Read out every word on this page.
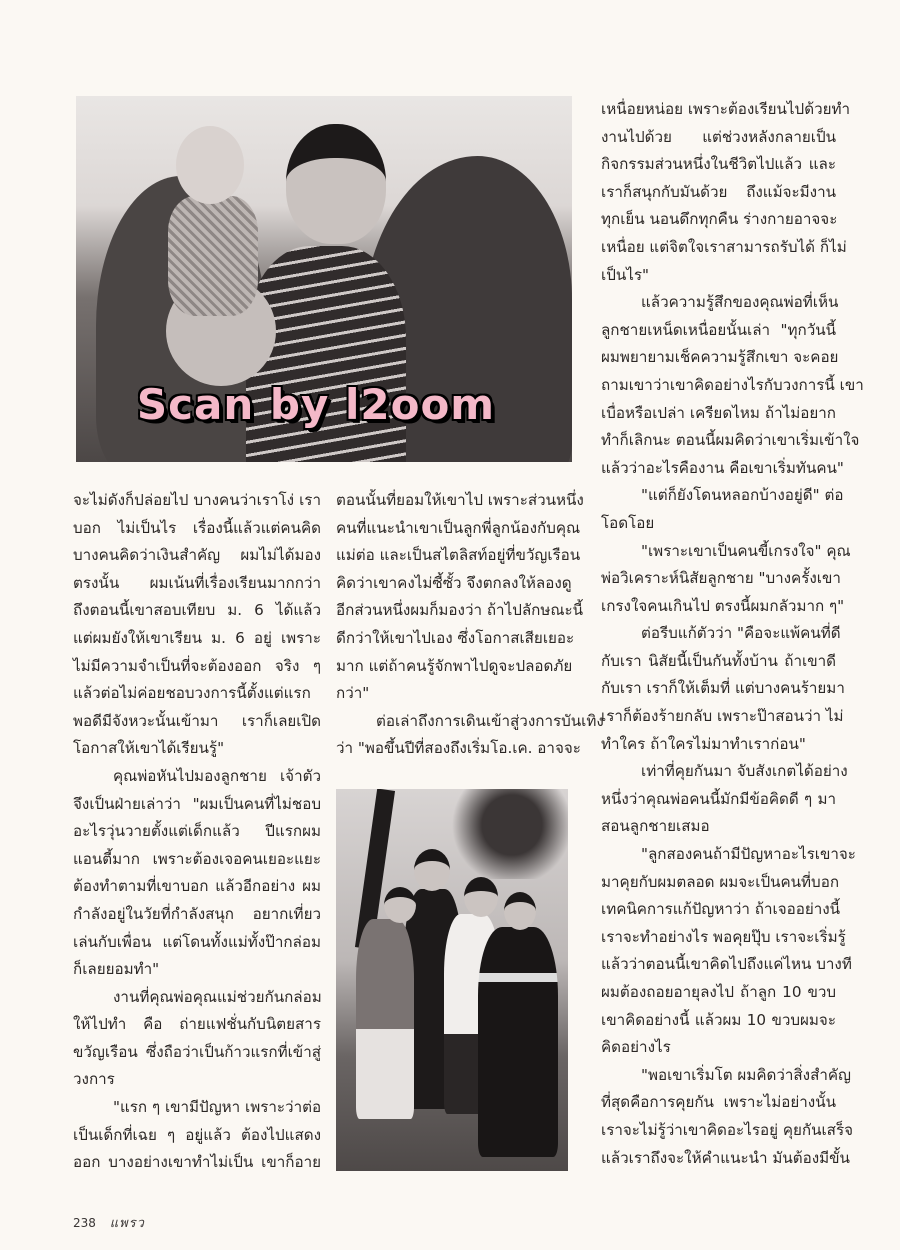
Scan by l2oom
จะไม่ดังก็ปล่อยไป บางคนว่าเราโง่ เรา
บอก ไม่เป็นไร เรื่องนี้แล้วแต่คนคิด
บางคนคิดว่าเงินสำคัญ ผมไม่ได้มอง
ตรงนั้น ผมเน้นที่เรื่องเรียนมากกว่า
ถึงตอนนี้เขาสอบเทียบ ม. 6 ได้แล้ว
แต่ผมยังให้เขาเรียน ม. 6 อยู่ เพราะ
ไม่มีความจำเป็นที่จะต้องออก จริง ๆ
แล้วต่อไม่ค่อยชอบวงการนี้ตั้งแต่แรก
พอดีมีจังหวะนั้นเข้ามา เราก็เลยเปิด
โอกาสให้เขาได้เรียนรู้"
คุณพ่อหันไปมองลูกชาย เจ้าตัว
จึงเป็นฝ่ายเล่าว่า "ผมเป็นคนที่ไม่ชอบ
อะไรวุ่นวายตั้งแต่เด็กแล้ว ปีแรกผม
แอนตี้มาก เพราะต้องเจอคนเยอะแยะ
ต้องทำตามที่เขาบอก แล้วอีกอย่าง ผม
กำลังอยู่ในวัยที่กำลังสนุก อยากเที่ยว
เล่นกับเพื่อน แต่โดนทั้งแม่ทั้งป๊ากล่อม
ก็เลยยอมทำ"
งานที่คุณพ่อคุณแม่ช่วยกันกล่อม
ให้ไปทำ คือ ถ่ายแฟชั่นกับนิตยสาร
ขวัญเรือน ซึ่งถือว่าเป็นก้าวแรกที่เข้าสู่
วงการ
"แรก ๆ เขามีปัญหา เพราะว่าต่อ
เป็นเด็กที่เฉย ๆ อยู่แล้ว ต้องไปแสดง
ออก บางอย่างเขาทำไม่เป็น เขาก็อาย
ตอนนั้นที่ยอมให้เขาไป เพราะส่วนหนึ่ง
คนที่แนะนำเขาเป็นลูกพี่ลูกน้องกับคุณ
แม่ต่อ และเป็นสไตลิสท์อยู่ที่ขวัญเรือน
คิดว่าเขาคงไม่ซี้ซั้ว จึงตกลงให้ลองดู
อีกส่วนหนึ่งผมก็มองว่า ถ้าไปลักษณะนี้
ดีกว่าให้เขาไปเอง ซึ่งโอกาสเสียเยอะ
มาก แต่ถ้าคนรู้จักพาไปดูจะปลอดภัย
กว่า"
ต่อเล่าถึงการเดินเข้าสู่วงการบันเทิง
ว่า "พอขึ้นปีที่สองถึงเริ่มโอ.เค. อาจจะ
เหนื่อยหน่อย เพราะต้องเรียนไปด้วยทำ
งานไปด้วย แต่ช่วงหลังกลายเป็น
กิจกรรมส่วนหนึ่งในชีวิตไปแล้ว และ
เราก็สนุกกับมันด้วย ถึงแม้จะมีงาน
ทุกเย็น นอนดึกทุกคืน ร่างกายอาจจะ
เหนื่อย แต่จิตใจเราสามารถรับได้ ก็ไม่
เป็นไร"
แล้วความรู้สึกของคุณพ่อที่เห็น
ลูกชายเหน็ดเหนื่อยนั้นเล่า "ทุกวันนี้
ผมพยายามเช็คความรู้สึกเขา จะคอย
ถามเขาว่าเขาคิดอย่างไรกับวงการนี้ เขา
เบื่อหรือเปล่า เครียดไหม ถ้าไม่อยาก
ทำก็เลิกนะ ตอนนี้ผมคิดว่าเขาเริ่มเข้าใจ
แล้วว่าอะไรคืองาน คือเขาเริ่มทันคน"
"แต่ก็ยังโดนหลอกบ้างอยู่ดี" ต่อ
โอดโอย
"เพราะเขาเป็นคนขี้เกรงใจ" คุณ
พ่อวิเคราะห์นิสัยลูกชาย "บางครั้งเขา
เกรงใจคนเกินไป ตรงนี้ผมกลัวมาก ๆ"
ต่อรีบแก้ตัวว่า "คือจะแพ้คนที่ดี
กับเรา นิสัยนี้เป็นกันทั้งบ้าน ถ้าเขาดี
กับเรา เราก็ให้เต็มที่ แต่บางคนร้ายมา
เราก็ต้องร้ายกลับ เพราะป๊าสอนว่า ไม่
ทำใคร ถ้าใครไม่มาทำเราก่อน"
เท่าที่คุยกันมา จับสังเกตได้อย่าง
หนึ่งว่าคุณพ่อคนนี้มักมีข้อคิดดี ๆ มา
สอนลูกชายเสมอ
"ลูกสองคนถ้ามีปัญหาอะไรเขาจะ
มาคุยกับผมตลอด ผมจะเป็นคนที่บอก
เทคนิคการแก้ปัญหาว่า ถ้าเจออย่างนี้
เราจะทำอย่างไร พอคุยปุ๊บ เราจะเริ่มรู้
แล้วว่าตอนนี้เขาคิดไปถึงแค่ไหน บางที
ผมต้องถอยอายุลงไป ถ้าลูก 10 ขวบ
เขาคิดอย่างนี้ แล้วผม 10 ขวบผมจะ
คิดอย่างไร
"พอเขาเริ่มโต ผมคิดว่าสิ่งสำคัญ
ที่สุดคือการคุยกัน เพราะไม่อย่างนั้น
เราจะไม่รู้ว่าเขาคิดอะไรอยู่ คุยกันเสร็จ
แล้วเราถึงจะให้คำแนะนำ มันต้องมีขั้น
238 แพรว
